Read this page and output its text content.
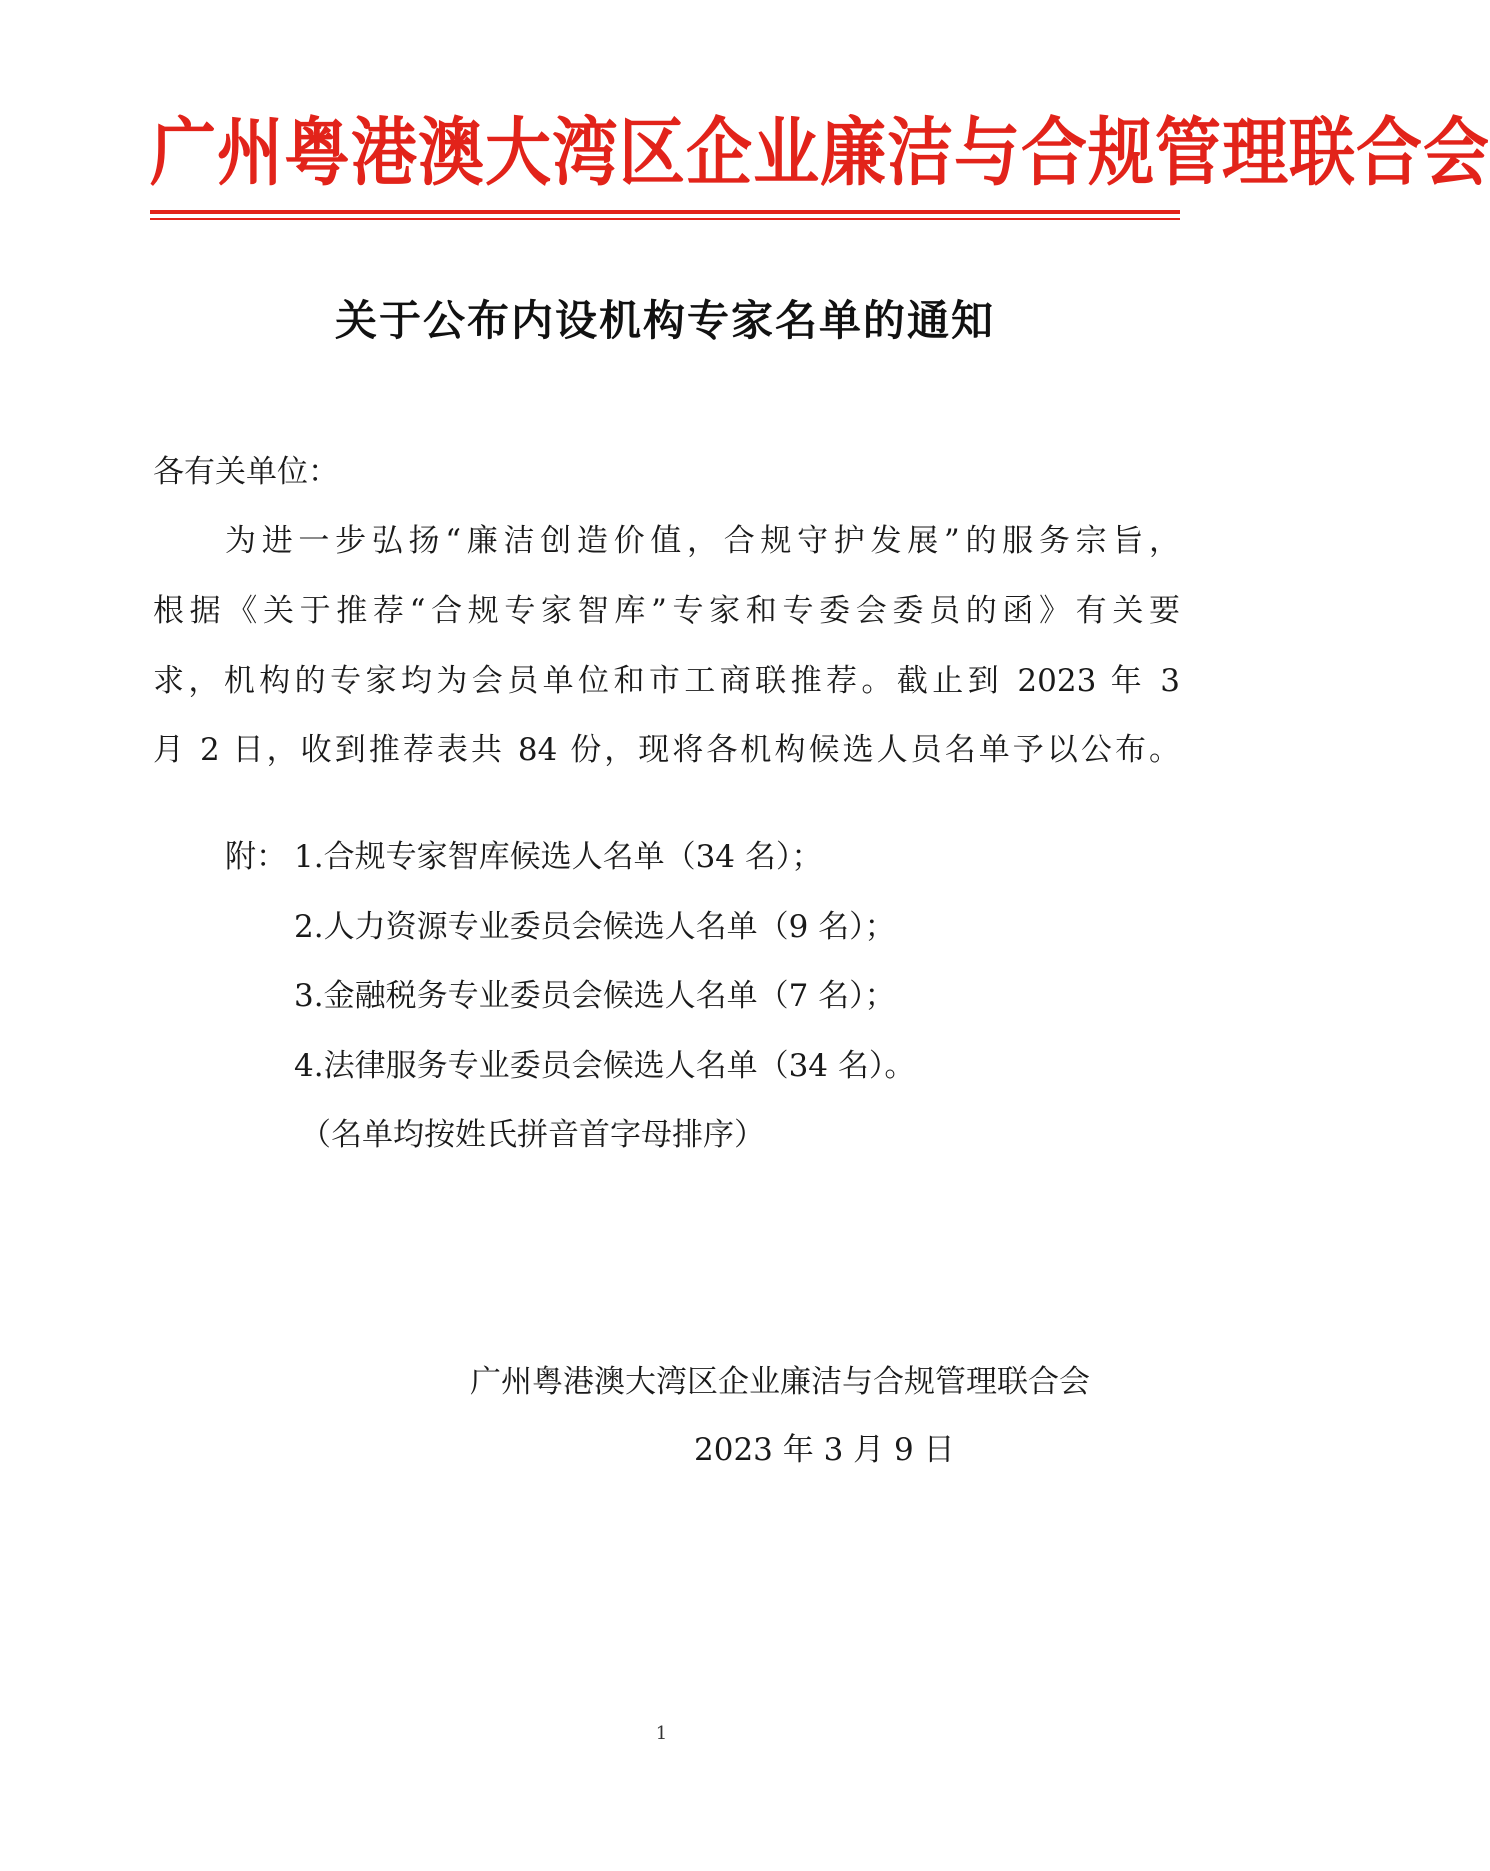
广州粤港澳大湾区企业廉洁与合规管理联合会
关于公布内设机构专家名单的通知
各有关单位：
为进一步弘扬“廉洁创造价值，合规守护发展”的服务宗旨，
根据《关于推荐“合规专家智库”专家和专委会委员的函》有关要
求，机构的专家均为会员单位和市工商联推荐。截止到 2023 年 3
月 2 日，收到推荐表共 84 份，现将各机构候选人员名单予以公布。
附： 1.合规专家智库候选人名单（34 名）；
2.人力资源专业委员会候选人名单（9 名）；
3.金融税务专业委员会候选人名单（7 名）；
4.法律服务专业委员会候选人名单（34 名）。
（名单均按姓氏拼音首字母排序）
广州粤港澳大湾区企业廉洁与合规管理联合会
2023 年 3 月 9 日
1
